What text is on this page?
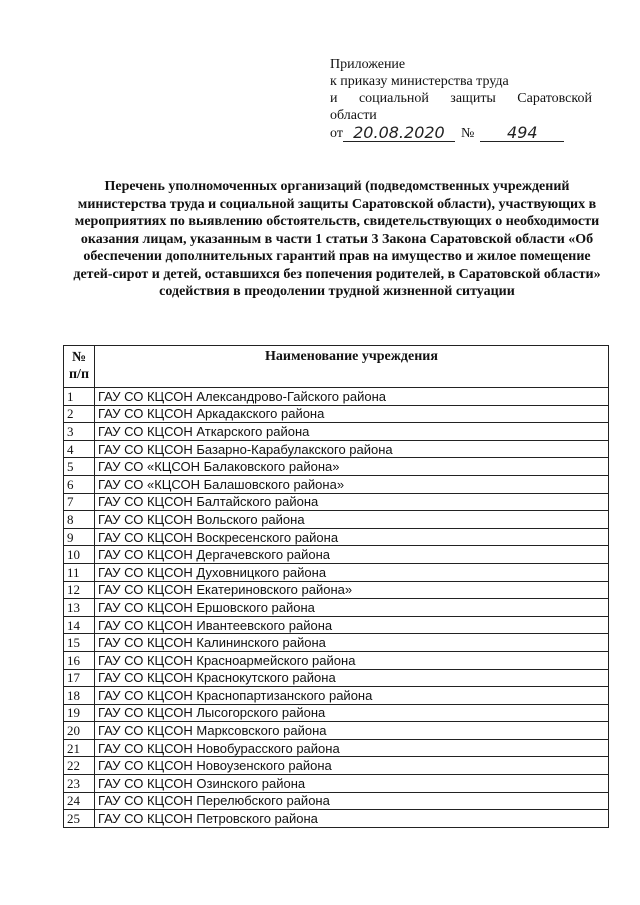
Приложение
к приказу министерства труда
и социальной защиты Саратовской
области
от 20.08.2020	№	494
Перечень уполномоченных организаций (подведомственных учреждений министерства труда и социальной защиты Саратовской области), участвующих в мероприятиях по выявлению обстоятельств, свидетельствующих о необходимости оказания лицам, указанным в части 1 статьи 3 Закона Саратовской области «Об обеспечении дополнительных гарантий прав на имущество и жилое помещение детей-сирот и детей, оставшихся без попечения родителей, в Саратовской области» содействия в преодолении трудной жизненной ситуации
№
п/п	Наименование учреждения
1	ГАУ СО КЦСОН Александрово-Гайского района
2	ГАУ СО КЦСОН Аркадакского района
3	ГАУ СО КЦСОН Аткарского района
4	ГАУ СО КЦСОН Базарно-Карабулакского района
5	ГАУ СО «КЦСОН Балаковского района»
6	ГАУ СО «КЦСОН Балашовского района»
7	ГАУ СО КЦСОН Балтайского района
8	ГАУ СО КЦСОН Вольского района
9	ГАУ СО КЦСОН Воскресенского района
10	ГАУ СО КЦСОН Дергачевского района
11	ГАУ СО КЦСОН Духовницкого района
12	ГАУ СО КЦСОН Екатериновского района»
13	ГАУ СО КЦСОН Ершовского района
14	ГАУ СО КЦСОН Ивантеевского района
15	ГАУ СО КЦСОН Калининского района
16	ГАУ СО КЦСОН Красноармейского района
17	ГАУ СО КЦСОН Краснокутского района
18	ГАУ СО КЦСОН Краснопартизанского района
19	ГАУ СО КЦСОН Лысогорского района
20	ГАУ СО КЦСОН Марксовского района
21	ГАУ СО КЦСОН Новобурасского района
22	ГАУ СО КЦСОН Новоузенского района
23	ГАУ СО КЦСОН Озинского района
24	ГАУ СО КЦСОН Перелюбского района
25	ГАУ СО КЦСОН Петровского района
